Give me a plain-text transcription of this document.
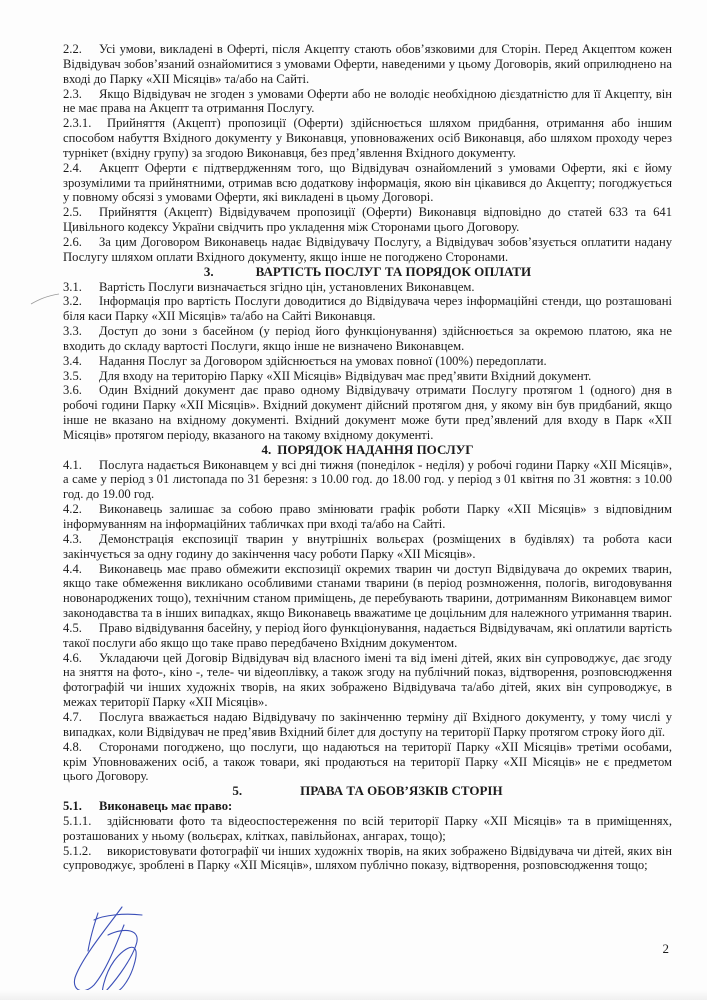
2.2. Усі умови, викладені в Оферті, після Акцепту стають обов’язковими для Сторін. Перед Акцептом кожен Відвідувач зобов’язаний ознайомитися з умовами Оферти, наведеними у цьому Договорів, який оприлюднено на вході до Парку «XII Місяців» та/або на Сайті.

2.3. Якщо Відвідувач не згоден з умовами Оферти або не володіє необхідною дієздатністю для її Акцепту, він не має права на Акцепт та отримання Послугу.

2.3.1. Прийняття (Акцепт) пропозиції (Оферти) здійснюється шляхом придбання, отримання або іншим способом набуття Вхідного документу у Виконавця, уповноважених осіб Виконавця, або шляхом проходу через турнікет (вхідну групу) за згодою Виконавця, без пред’явлення Вхідного документу.

2.4. Акцепт Оферти є підтвердженням того, що Відвідувач ознайомлений з умовами Оферти, які є йому зрозумілими та прийнятними, отримав всю додаткову інформація, якою він цікавився до Акцепту; погоджується у повному обсязі з умовами Оферти, які викладені в цьому Договорі.

2.5. Прийняття (Акцепт) Відвідувачем пропозиції (Оферти) Виконавця відповідно до статей 633 та 641 Цивільного кодексу України свідчить про укладення між Сторонами цього Договору.

2.6. За цим Договором Виконавець надає Відвідувачу Послугу, а Відвідувач зобов’язується оплатити надану Послугу шляхом оплати Вхідного документу, якщо інше не погоджено Сторонами.

3.	ВАРТІСТЬ ПОСЛУГ ТА ПОРЯДОК ОПЛАТИ

3.1. Вартість Послуги визначається згідно цін, установлених Виконавцем.

3.2. Інформація про вартість Послуги доводитися до Відвідувача через інформаційні стенди, що розташовані біля каси Парку «XII Місяців» та/або на Сайті Виконавця.

3.3. Доступ до зони з басейном (у період його функціонування) здійснюється за окремою платою, яка не входить до складу вартості Послуги, якщо інше не визначено Виконавцем.

3.4. Надання Послуг за Договором здійснюється на умовах повної (100%) передоплати.

3.5. Для входу на територію Парку «XII Місяців» Відвідувач має пред’явити Вхідний документ.

3.6. Один Вхідний документ дає право одному Відвідувачу отримати Послугу протягом 1 (одного) дня в робочі години Парку «XII Місяців». Вхідний документ дійсний протягом дня, у якому він був придбаний, якщо інше не вказано на вхідному документі. Вхідний документ може бути пред’явлений для входу в Парк «XII Місяців» протягом періоду, вказаного на такому вхідному документі.

4. ПОРЯДОК НАДАННЯ ПОСЛУГ

4.1. Послуга надається Виконавцем у всі дні тижня (понеділок - неділя) у робочі години Парку «XII Місяців», а саме у період з 01 листопада по 31 березня: з 10.00 год. до 18.00 год. у період з 01 квітня по 31 жовтня: з 10.00 год. до 19.00 год.

4.2. Виконавець залишає за собою право змінювати графік роботи Парку «XII Місяців» з відповідним інформуванням на інформаційних табличках при вході та/або на Сайті.

4.3. Демонстрація експозиції тварин у внутрішніх вольєрах (розміщених в будівлях) та робота каси закінчується за одну годину до закінчення часу роботи Парку «XII Місяців».

4.4. Виконавець має право обмежити експозиції окремих тварин чи доступ Відвідувача до окремих тварин, якщо таке обмеження викликано особливими станами тварини (в період розмноження, пологів, вигодовування новонароджених тощо), технічним станом приміщень, де перебувають тварини, дотриманням Виконавцем вимог законодавства та в інших випадках, якщо Виконавець вважатиме це доцільним для належного утримання тварин.

4.5. Право відвідування басейну, у період його функціонування, надається Відвідувачам, які оплатили вартість такої послуги або якщо що таке право передбачено Вхідним документом.

4.6. Укладаючи цей Договір Відвідувач від власного імені та від імені дітей, яких він супроводжує, дає згоду на зняття на фото-, кіно -, теле- чи відеоплівку, а також згоду на публічний показ, відтворення, розповсюдження фотографій чи інших художніх творів, на яких зображено Відвідувача та/або дітей, яких він супроводжує, в межах території Парку «XII Місяців».

4.7. Послуга вважається надаю Відвідувачу по закінченню терміну дії Вхідного документу, у тому числі у випадках, коли Відвідувач не пред’явив Вхідний білет для доступу на території Парку протягом строку його дії.

4.8. Сторонами погоджено, що послуги, що надаються на території Парку «XII Місяців» третіми особами, крім Уповноважених осіб, а також товари, які продаються на території Парку «XII Місяців» не є предметом цього Договору.

5.	ПРАВА ТА ОБОВ’ЯЗКІВ СТОРІН

5.1. Виконавець має право:

5.1.1. здійснювати фото та відеоспостереження по всій території Парку «XII Місяців» та в приміщеннях, розташованих у ньому (вольєрах, клітках, павільйонах, ангарах, тощо);

5.1.2. використовувати фотографії чи інших художніх творів, на яких зображено Відвідувача чи дітей, яких він супроводжує, зроблені в Парку «XII Місяців», шляхом публічно показу, відтворення, розповсюдження тощо;

2
